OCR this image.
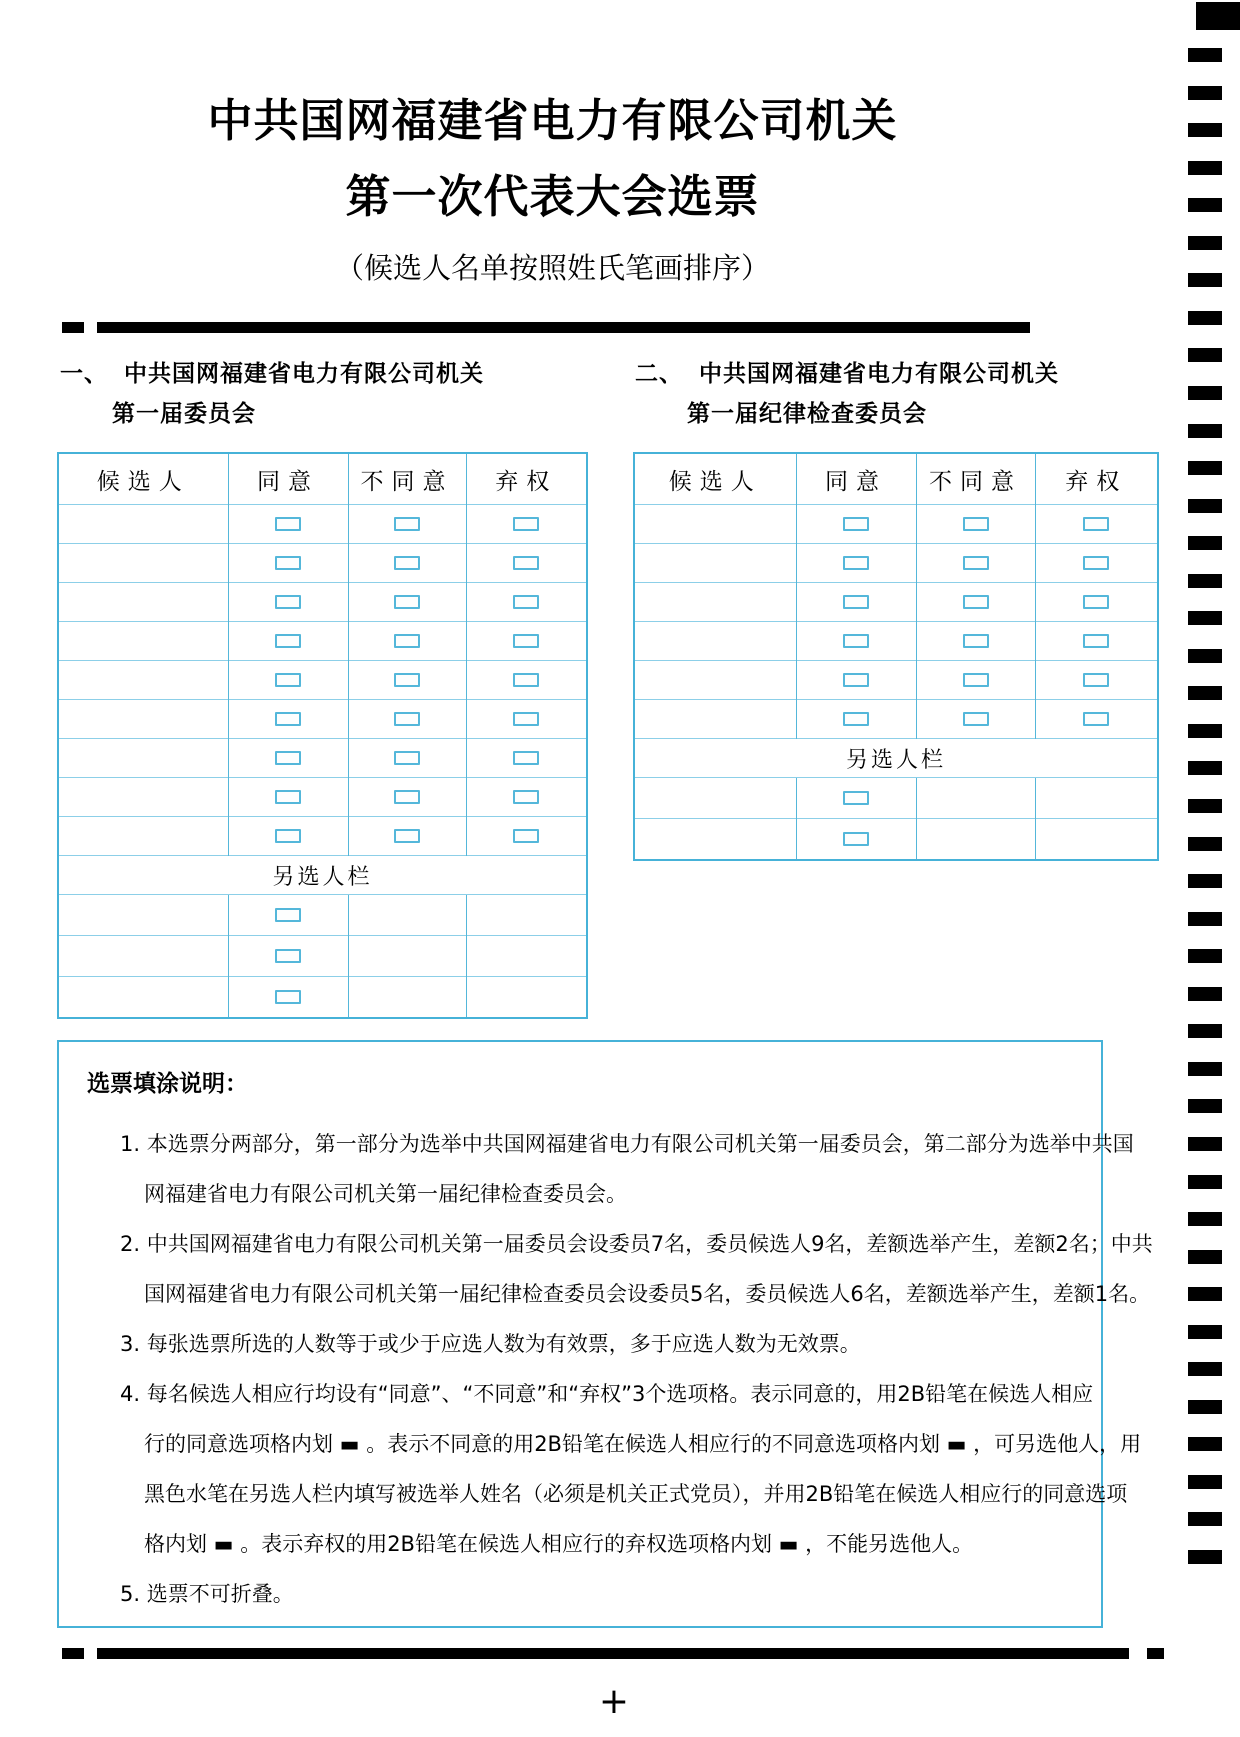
中共国网福建省电力有限公司机关
第一次代表大会选票
（候选人名单按照姓氏笔画排序）
一、 中共国网福建省电力有限公司机关
第一届委员会
二、 中共国网福建省电力有限公司机关
第一届纪律检查委员会
候选人	同意	不同意	弃权

另选人栏			

候选人	同意	不同意	弃权

另选人栏			

选票填涂说明：
1. 本选票分两部分，第一部分为选举中共国网福建省电力有限公司机关第一届委员会，第二部分为选举中共国
网福建省电力有限公司机关第一届纪律检查委员会。
2. 中共国网福建省电力有限公司机关第一届委员会设委员7名，委员候选人9名，差额选举产生，差额2名；中共
国网福建省电力有限公司机关第一届纪律检查委员会设委员5名，委员候选人6名，差额选举产生，差额1名。
3. 每张选票所选的人数等于或少于应选人数为有效票，多于应选人数为无效票。
4. 每名候选人相应行均设有“同意”、“不同意”和“弃权”3个选项格。表示同意的，用2B铅笔在候选人相应
行的同意选项格内划 ▬ 。表示不同意的用2B铅笔在候选人相应行的不同意选项格内划 ▬ ，可另选他人，用
黑色水笔在另选人栏内填写被选举人姓名（必须是机关正式党员），并用2B铅笔在候选人相应行的同意选项
格内划 ▬ 。表示弃权的用2B铅笔在候选人相应行的弃权选项格内划 ▬ ，不能另选他人。
5. 选票不可折叠。
+
